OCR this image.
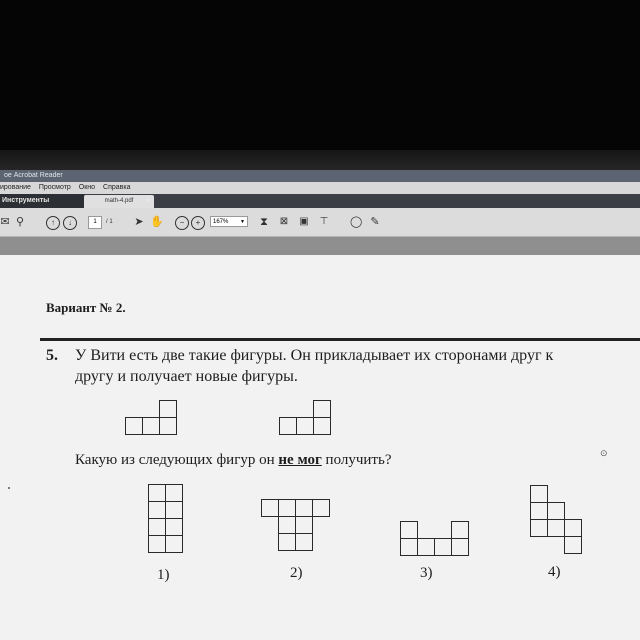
ое Acrobat Reader
ирование Просмотр Окно Справка
Инструменты	math-4.pdf	×
✉ ⚲	↑	↓	1	/ 1 ➤ ✋	−	+	167% ▼ ⧗ ⊠ ▣ ⊤ ◯ ✎
Вариант № 2.
5. У Вити есть две такие фигуры. Он прикладывает их сторонами друг к
другу и получает новые фигуры.
Какую из следующих фигур он не мог получить?
1)	2)	3)	4)
⊙
